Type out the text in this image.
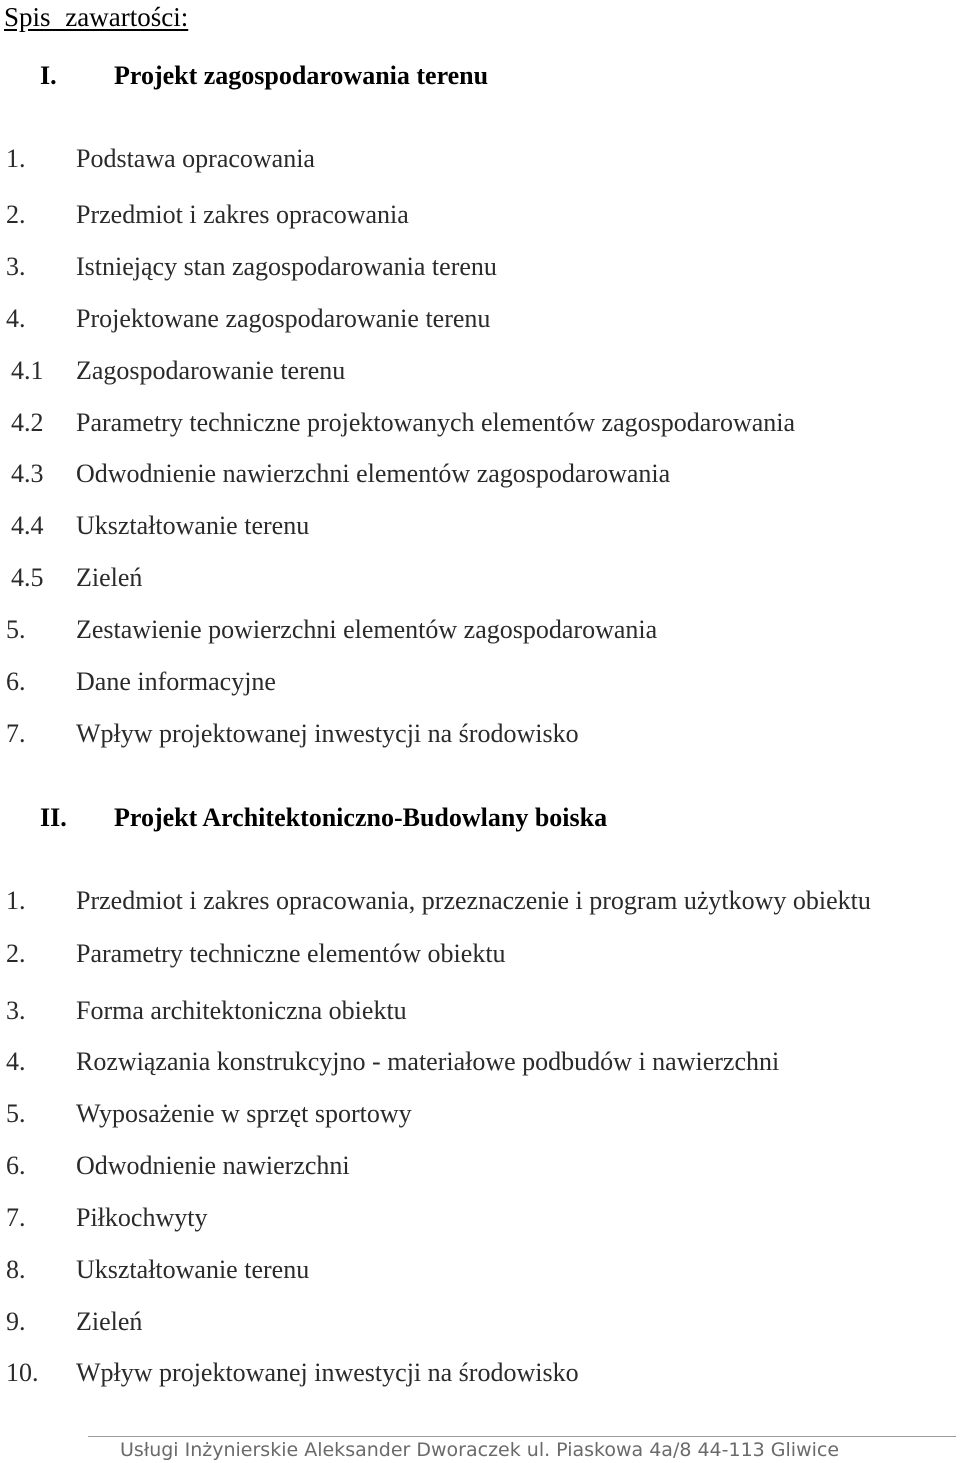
Spis zawartości:
I. Projekt zagospodarowania terenu
1. Podstawa opracowania
2. Przedmiot i zakres opracowania
3. Istniejący stan zagospodarowania terenu
4. Projektowane zagospodarowanie terenu
4.1 Zagospodarowanie terenu
4.2 Parametry techniczne projektowanych elementów zagospodarowania
4.3 Odwodnienie nawierzchni elementów zagospodarowania
4.4 Ukształtowanie terenu
4.5 Zieleń
5. Zestawienie powierzchni elementów zagospodarowania
6. Dane informacyjne
7. Wpływ projektowanej inwestycji na środowisko
II. Projekt Architektoniczno-Budowlany boiska
1. Przedmiot i zakres opracowania, przeznaczenie i program użytkowy obiektu
2. Parametry techniczne elementów obiektu
3. Forma architektoniczna obiektu
4. Rozwiązania konstrukcyjno - materiałowe podbudów i nawierzchni
5. Wyposażenie w sprzęt sportowy
6. Odwodnienie nawierzchni
7. Piłkochwyty
8. Ukształtowanie terenu
9. Zieleń
10. Wpływ projektowanej inwestycji na środowisko
Usługi Inżynierskie Aleksander Dworaczek ul. Piaskowa 4a/8 44-113 Gliwice
